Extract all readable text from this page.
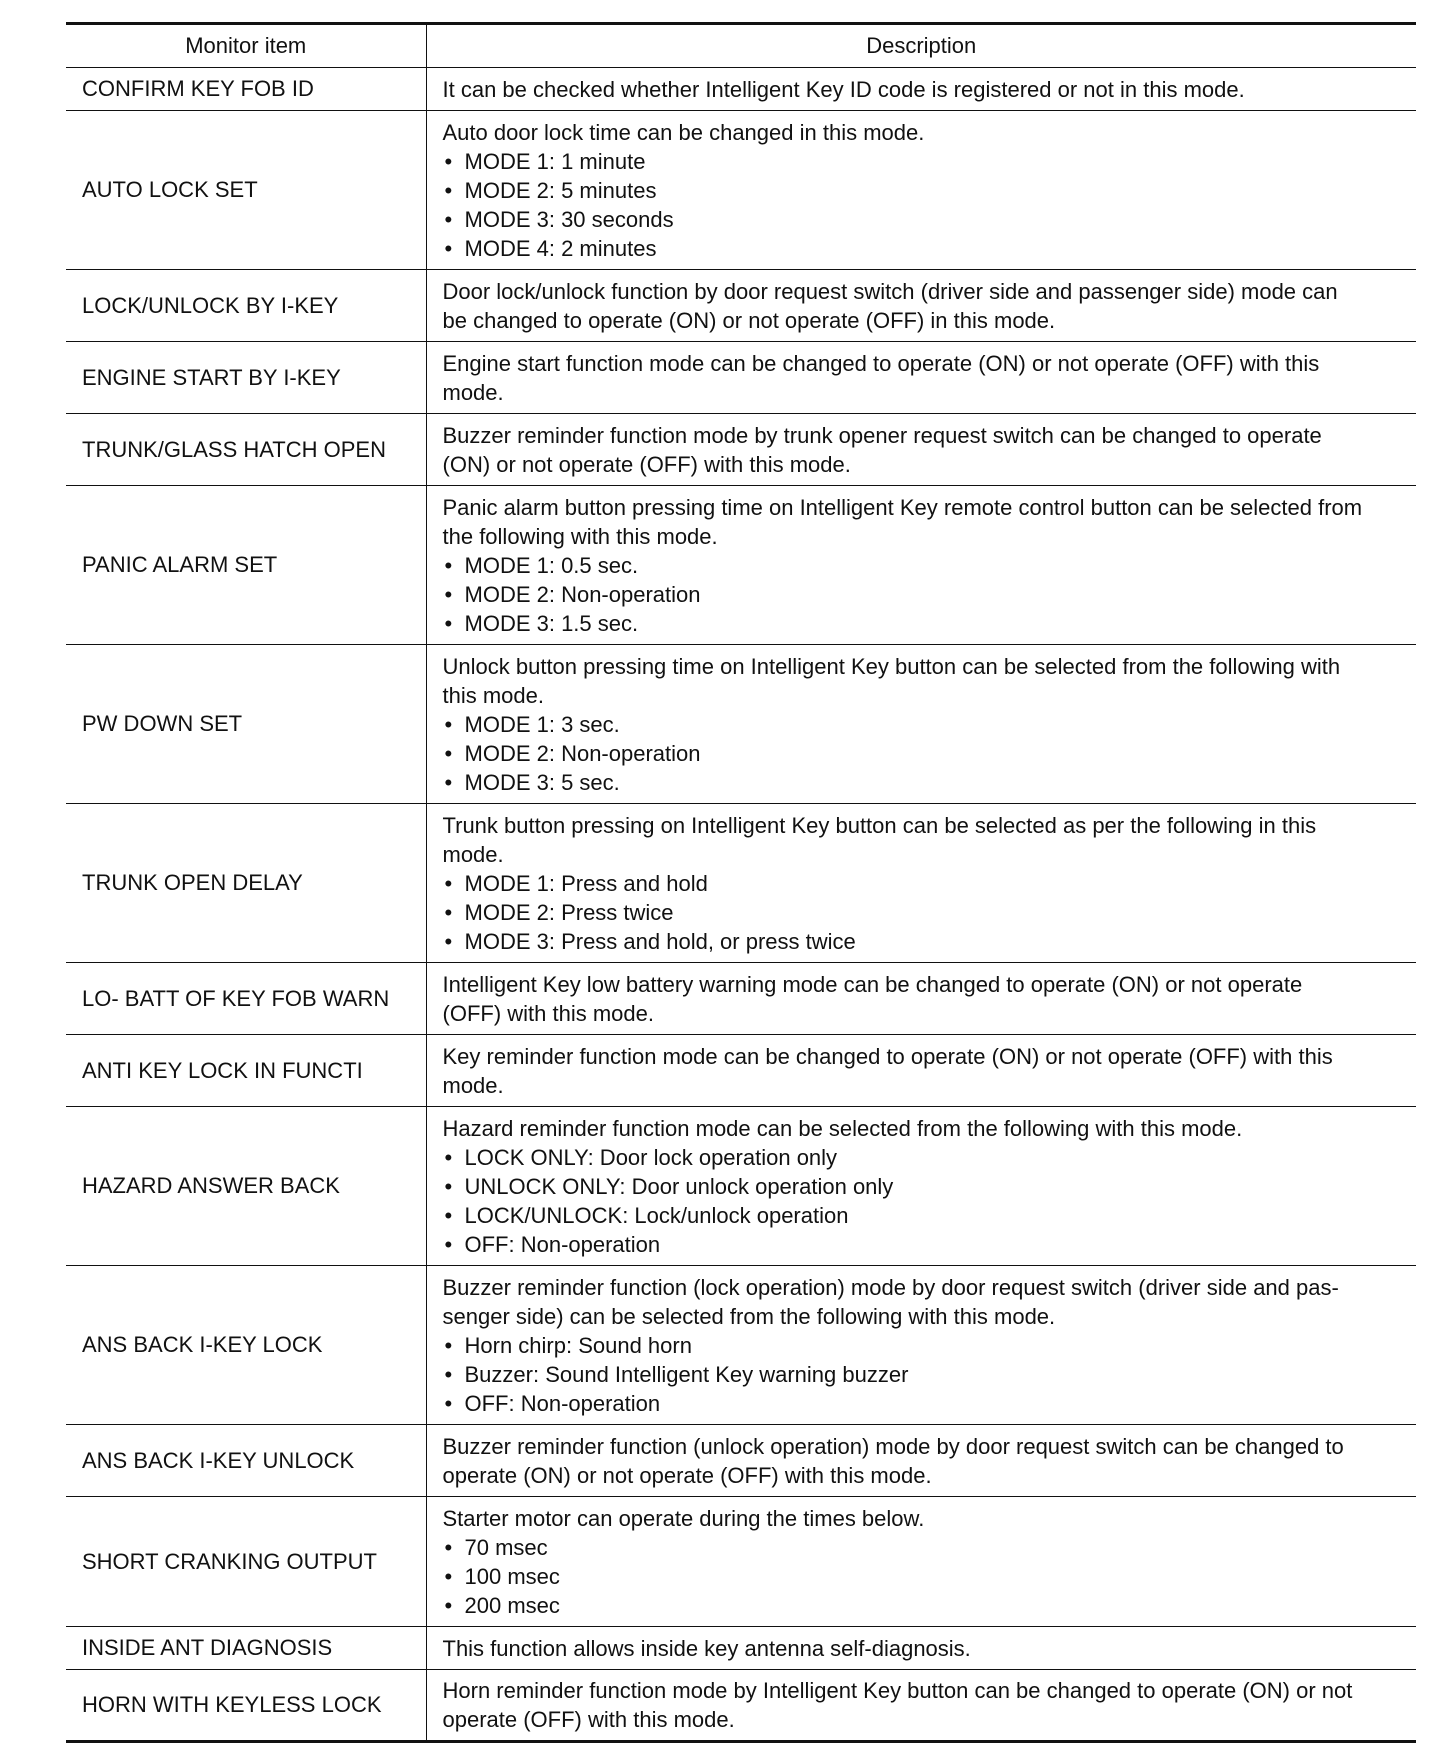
Monitor item	Description
CONFIRM KEY FOB ID	It can be checked whether Intelligent Key ID code is registered or not in this mode.

AUTO LOCK SET	Auto door lock time can be changed in this mode.
• MODE 1: 1 minute
• MODE 2: 5 minutes
• MODE 3: 30 seconds
• MODE 4: 2 minutes

LOCK/UNLOCK BY I-KEY	Door lock/unlock function by door request switch (driver side and passenger side) mode can
be changed to operate (ON) or not operate (OFF) in this mode.

ENGINE START BY I-KEY	Engine start function mode can be changed to operate (ON) or not operate (OFF) with this
mode.

TRUNK/GLASS HATCH OPEN	Buzzer reminder function mode by trunk opener request switch can be changed to operate
(ON) or not operate (OFF) with this mode.

PANIC ALARM SET	Panic alarm button pressing time on Intelligent Key remote control button can be selected from
the following with this mode.
• MODE 1: 0.5 sec.
• MODE 2: Non-operation
• MODE 3: 1.5 sec.

PW DOWN SET	Unlock button pressing time on Intelligent Key button can be selected from the following with
this mode.
• MODE 1: 3 sec.
• MODE 2: Non-operation
• MODE 3: 5 sec.

TRUNK OPEN DELAY	Trunk button pressing on Intelligent Key button can be selected as per the following in this
mode.
• MODE 1: Press and hold
• MODE 2: Press twice
• MODE 3: Press and hold, or press twice

LO- BATT OF KEY FOB WARN	Intelligent Key low battery warning mode can be changed to operate (ON) or not operate
(OFF) with this mode.

ANTI KEY LOCK IN FUNCTI	Key reminder function mode can be changed to operate (ON) or not operate (OFF) with this
mode.

HAZARD ANSWER BACK	Hazard reminder function mode can be selected from the following with this mode.
• LOCK ONLY: Door lock operation only
• UNLOCK ONLY: Door unlock operation only
• LOCK/UNLOCK: Lock/unlock operation
• OFF: Non-operation

ANS BACK I-KEY LOCK	Buzzer reminder function (lock operation) mode by door request switch (driver side and pas-
senger side) can be selected from the following with this mode.
• Horn chirp: Sound horn
• Buzzer: Sound Intelligent Key warning buzzer
• OFF: Non-operation

ANS BACK I-KEY UNLOCK	Buzzer reminder function (unlock operation) mode by door request switch can be changed to
operate (ON) or not operate (OFF) with this mode.

SHORT CRANKING OUTPUT	Starter motor can operate during the times below.
• 70 msec
• 100 msec
• 200 msec

INSIDE ANT DIAGNOSIS	This function allows inside key antenna self-diagnosis.

HORN WITH KEYLESS LOCK	Horn reminder function mode by Intelligent Key button can be changed to operate (ON) or not
operate (OFF) with this mode.
